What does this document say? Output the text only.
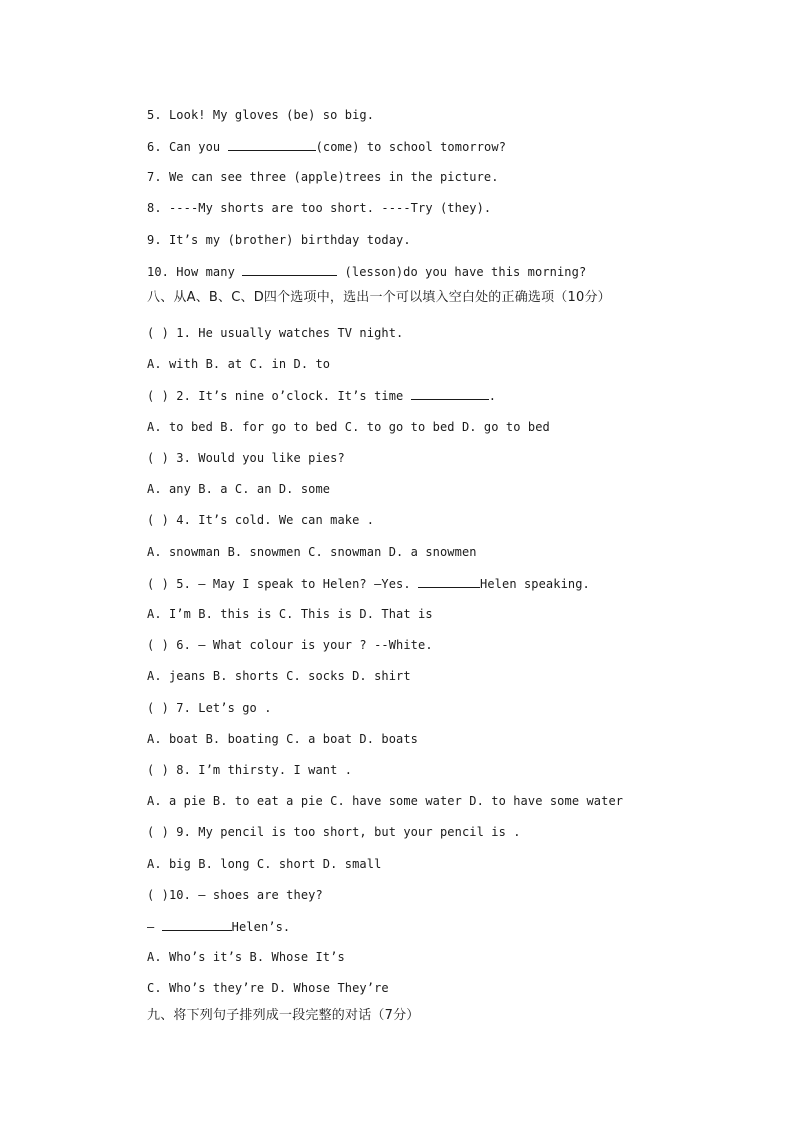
5. Look! My gloves (be) so big.
6. Can you	(come) to school tomorrow?
7. We can see three (apple)trees in the picture.
8. ----My shorts are too short. ----Try (they).
9. It’s my (brother) birthday today.
10. How many	(lesson)do you have this morning?
八、从A、B、C、D四个选项中，选出一个可以填入空白处的正确选项（10分）
( ) 1. He usually watches TV night.
A. with B. at C. in D. to
( ) 2. It’s nine o’clock. It’s time	.
A. to bed B. for go to bed C. to go to bed D. go to bed
( ) 3. Would you like pies?
A. any B. a C. an D. some
( ) 4. It’s cold. We can make .
A. snowman B. snowmen C. snowman D. a snowmen
( ) 5. – May I speak to Helen? –Yes.	Helen speaking.
A. I’m B. this is C. This is D. That is
( ) 6. – What colour is your ? --White.
A. jeans B. shorts C. socks D. shirt
( ) 7. Let’s go .
A. boat B. boating C. a boat D. boats
( ) 8. I’m thirsty. I want .
A. a pie B. to eat a pie C. have some water D. to have some water
( ) 9. My pencil is too short, but your pencil is .
A. big B. long C. short D. small
( )10. – shoes are they?
–	Helen’s.
A. Who’s it’s B. Whose It’s
C. Who’s they’re D. Whose They’re
九、将下列句子排列成一段完整的对话（7分）
